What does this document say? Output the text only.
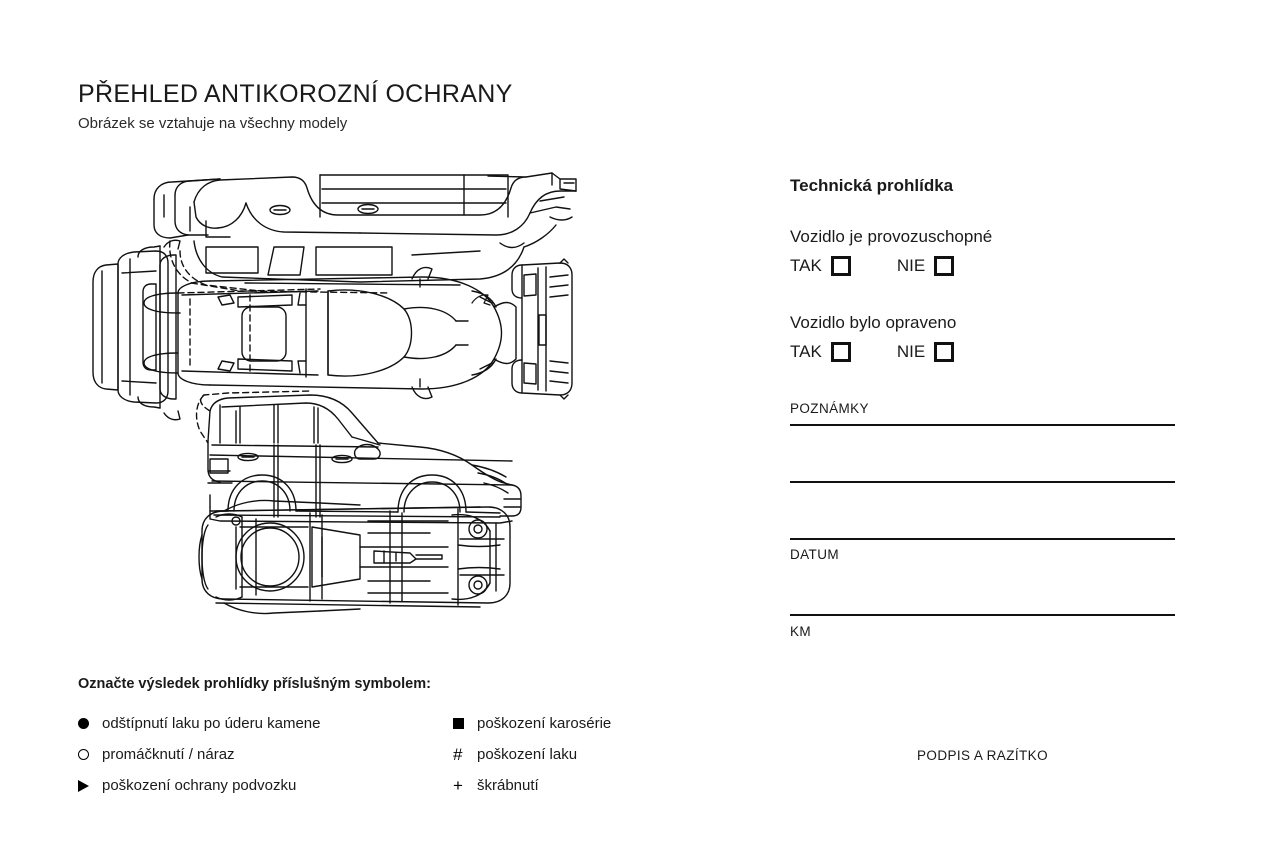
PŘEHLED ANTIKOROZNÍ OCHRANY
Obrázek se vztahuje na všechny modely
Označte výsledek prohlídky příslušným symbolem:
odštípnutí laku po úderu kamene	poškození karosérie
promáčknutí / náraz	# poškození laku
poškození ochrany podvozku	+ škrábnutí
Technická prohlídka
Vozidlo je provozuschopné
TAK	NIE
Vozidlo bylo opraveno
TAK	NIE
POZNÁMKY
DATUM
KM
PODPIS A RAZÍTKO
